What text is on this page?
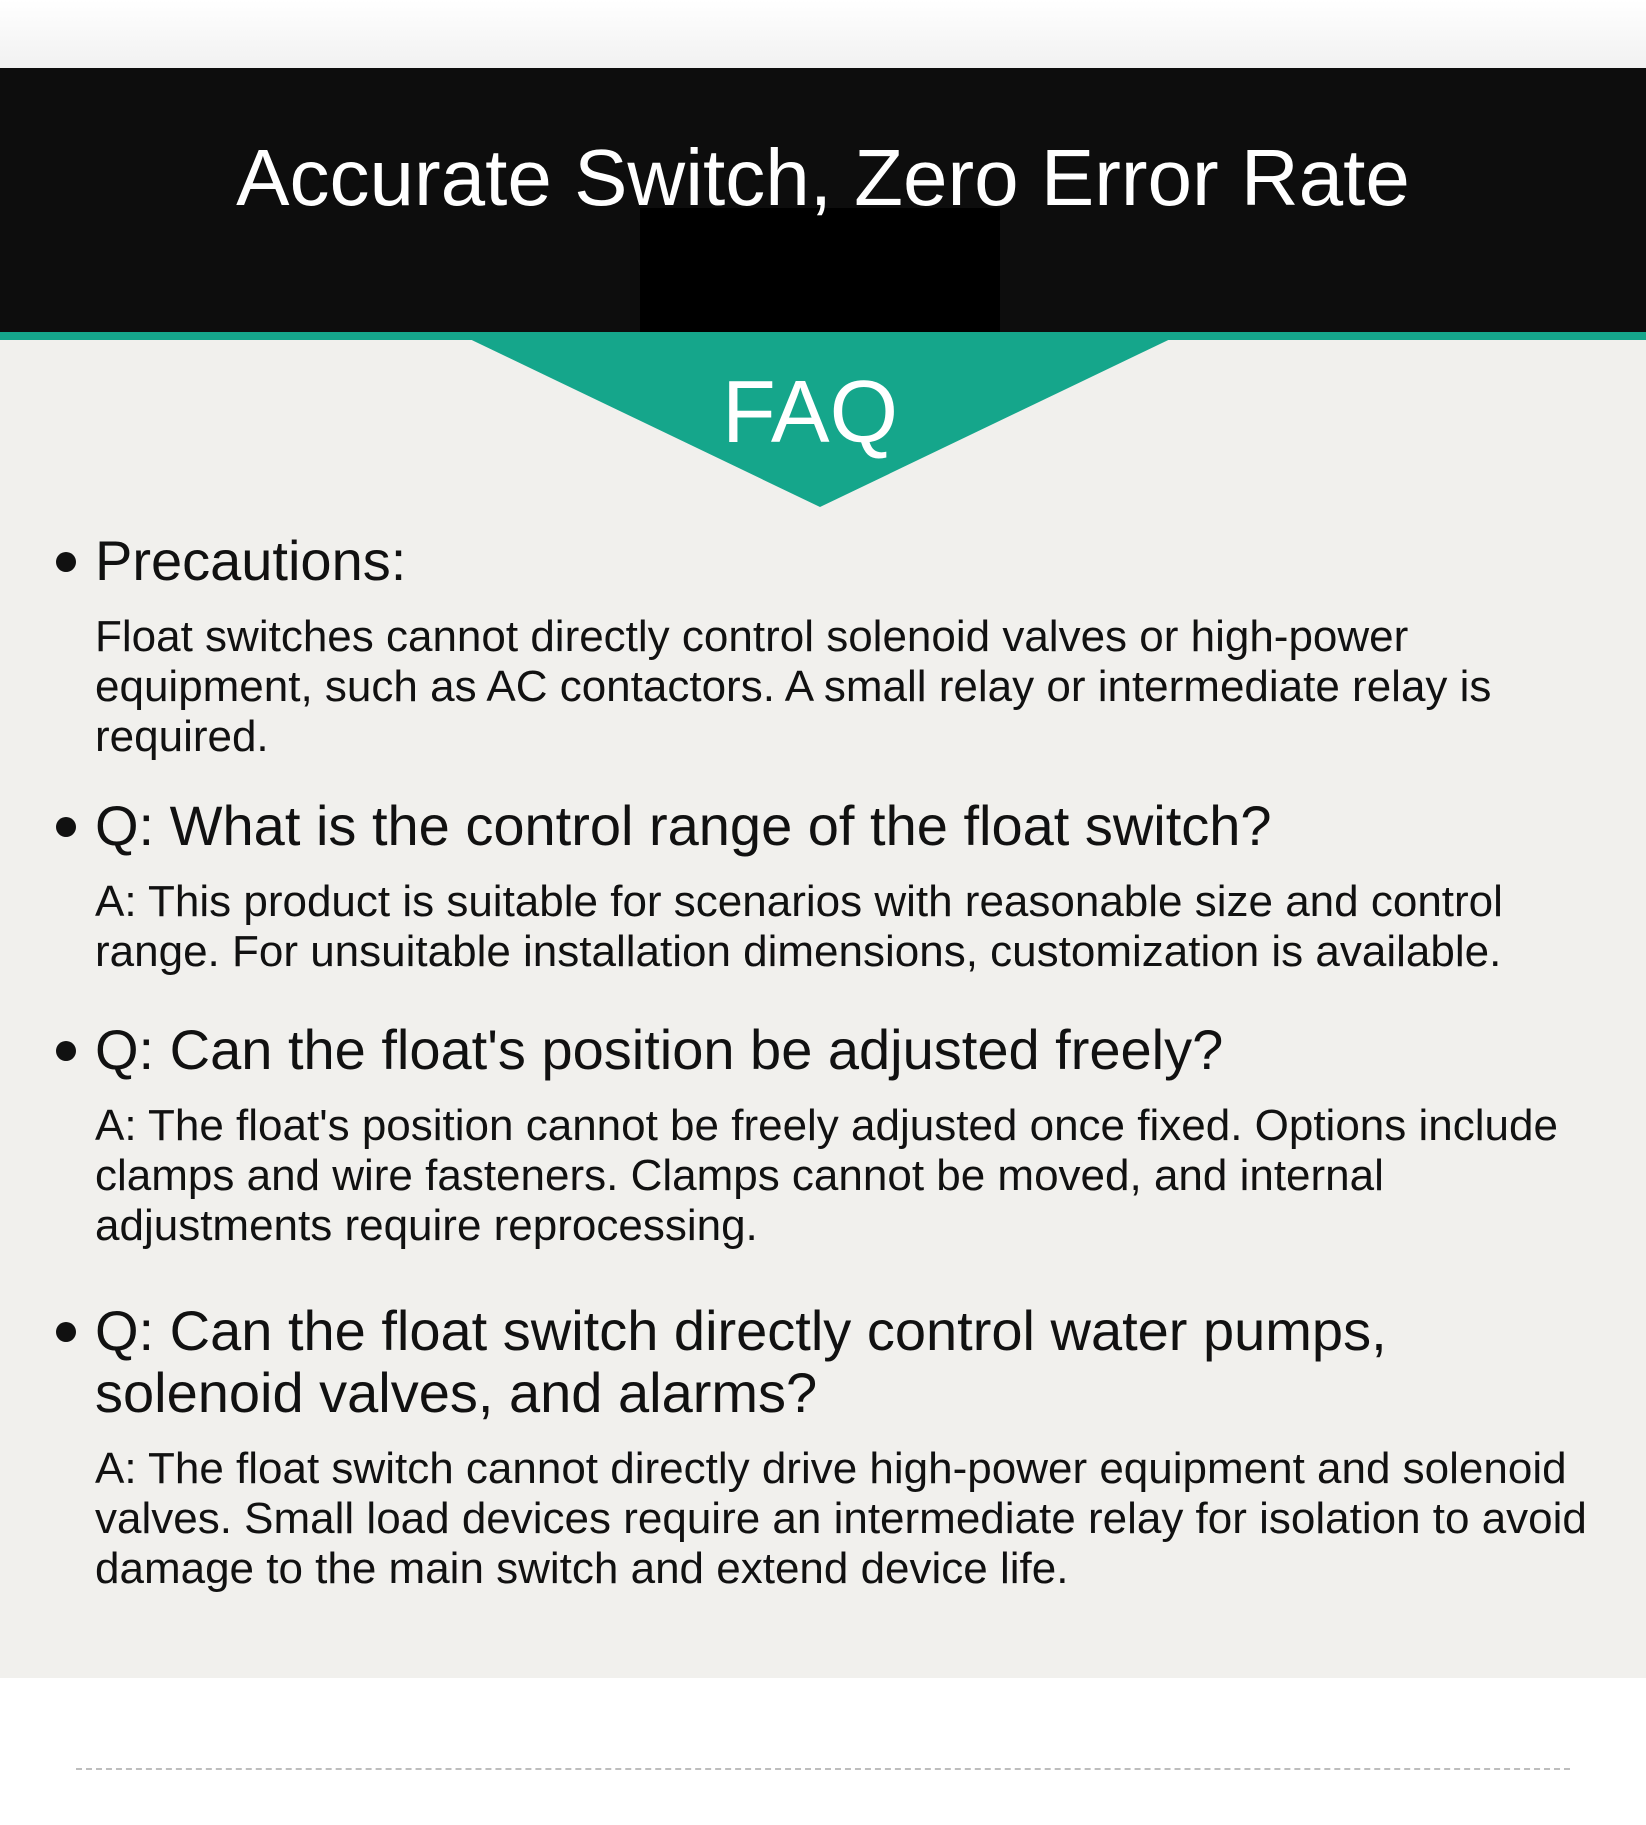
Accurate Switch, Zero Error Rate
FAQ
Precautions:
Float switches cannot directly control solenoid valves or high-power equipment, such as AC contactors. A small relay or intermediate relay is required.
Q: What is the control range of the float switch?
A: This product is suitable for scenarios with reasonable size and control range. For unsuitable installation dimensions, customization is available.
Q: Can the float's position be adjusted freely?
A: The float's position cannot be freely adjusted once fixed. Options include clamps and wire fasteners. Clamps cannot be moved, and internal adjustments require reprocessing.
Q: Can the float switch directly control water pumps, solenoid valves, and alarms?
A: The float switch cannot directly drive high-power equipment and solenoid valves. Small load devices require an intermediate relay for isolation to avoid damage to the main switch and extend device life.
